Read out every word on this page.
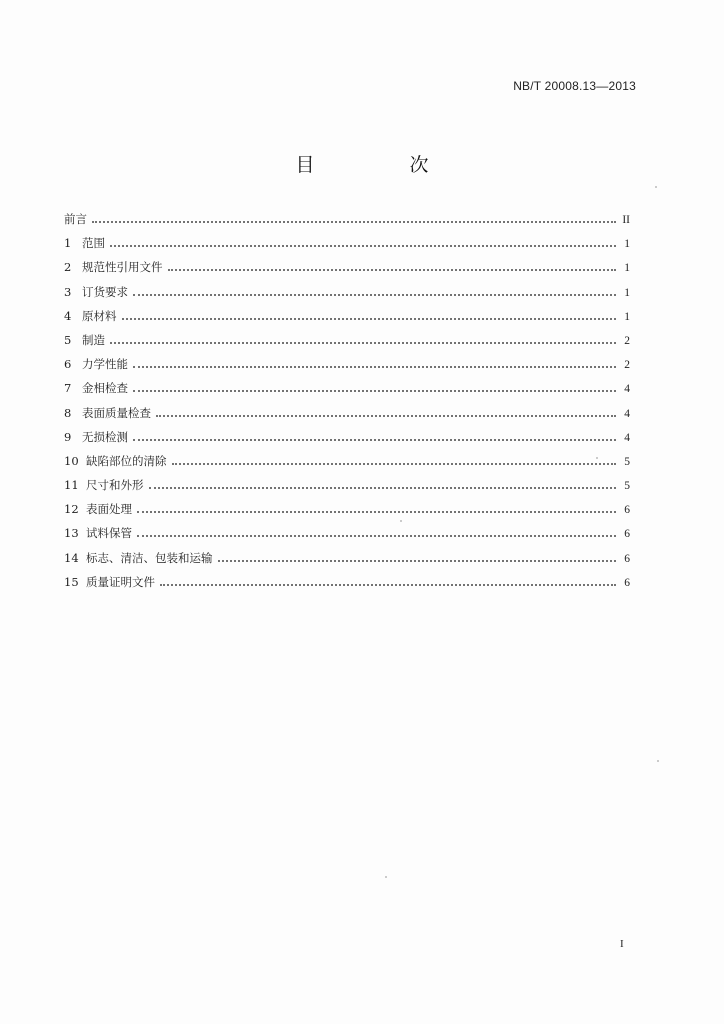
NB/T 20008.13—2013
目　次
前言	II
1 范围	1
2 规范性引用文件	1
3 订货要求	1
4 原材料	1
5 制造	2
6 力学性能	2
7 金相检查	4
8 表面质量检查	4
9 无损检测	4
10 缺陷部位的清除	5
11 尺寸和外形	5
12 表面处理	6
13 试料保管	6
14 标志、清洁、包装和运输	6
15 质量证明文件	6
I
